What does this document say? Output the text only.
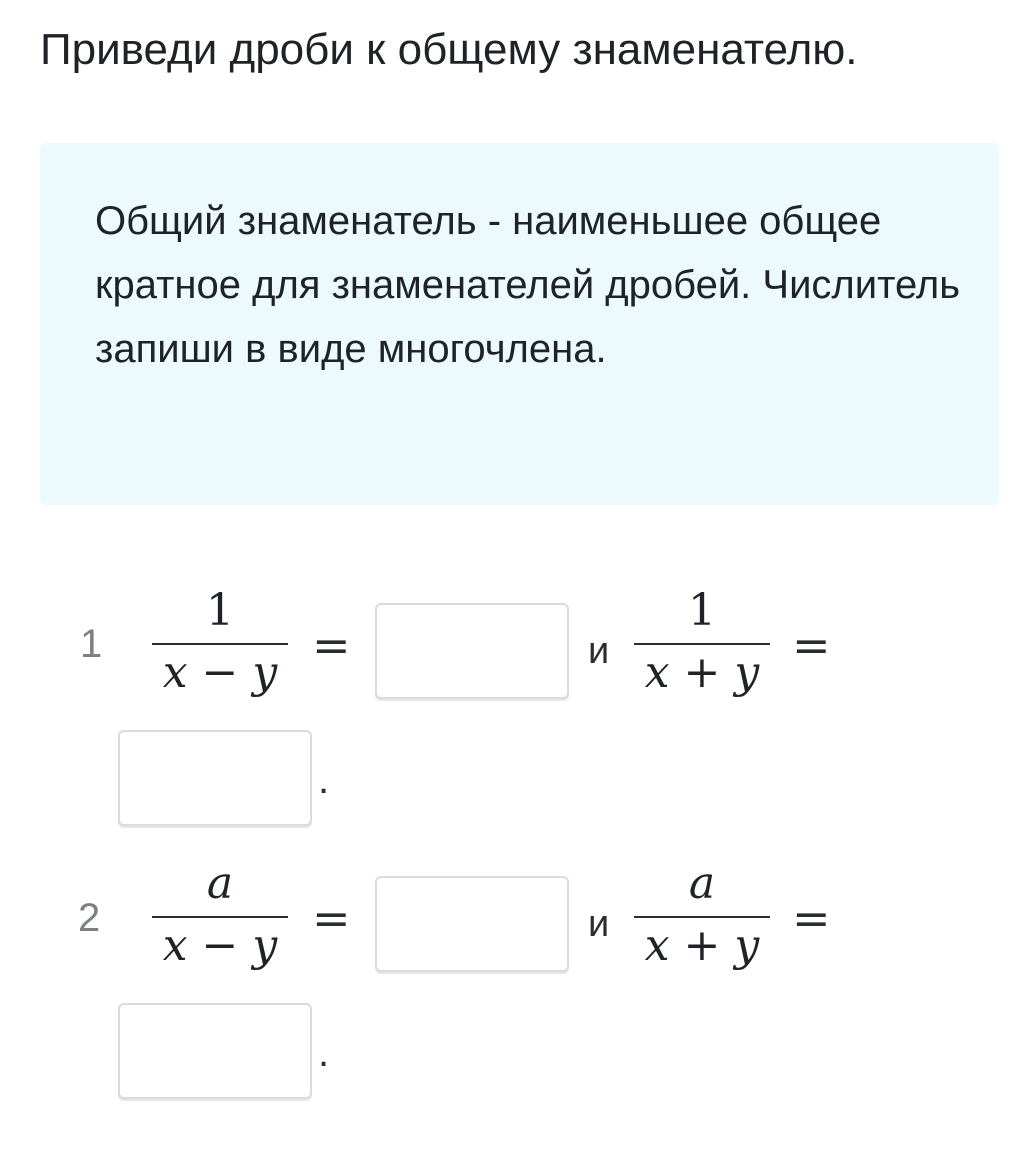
Приведи дроби к общему знаменателю.
Общий знаменатель - наименьшее общее кратное для знаменателей дробей. Числитель запиши в виде многочлена.
1
1
x − y
=	и
1
x + y
=
.
2
a
x − y
=	и
a
x + y
=
.
